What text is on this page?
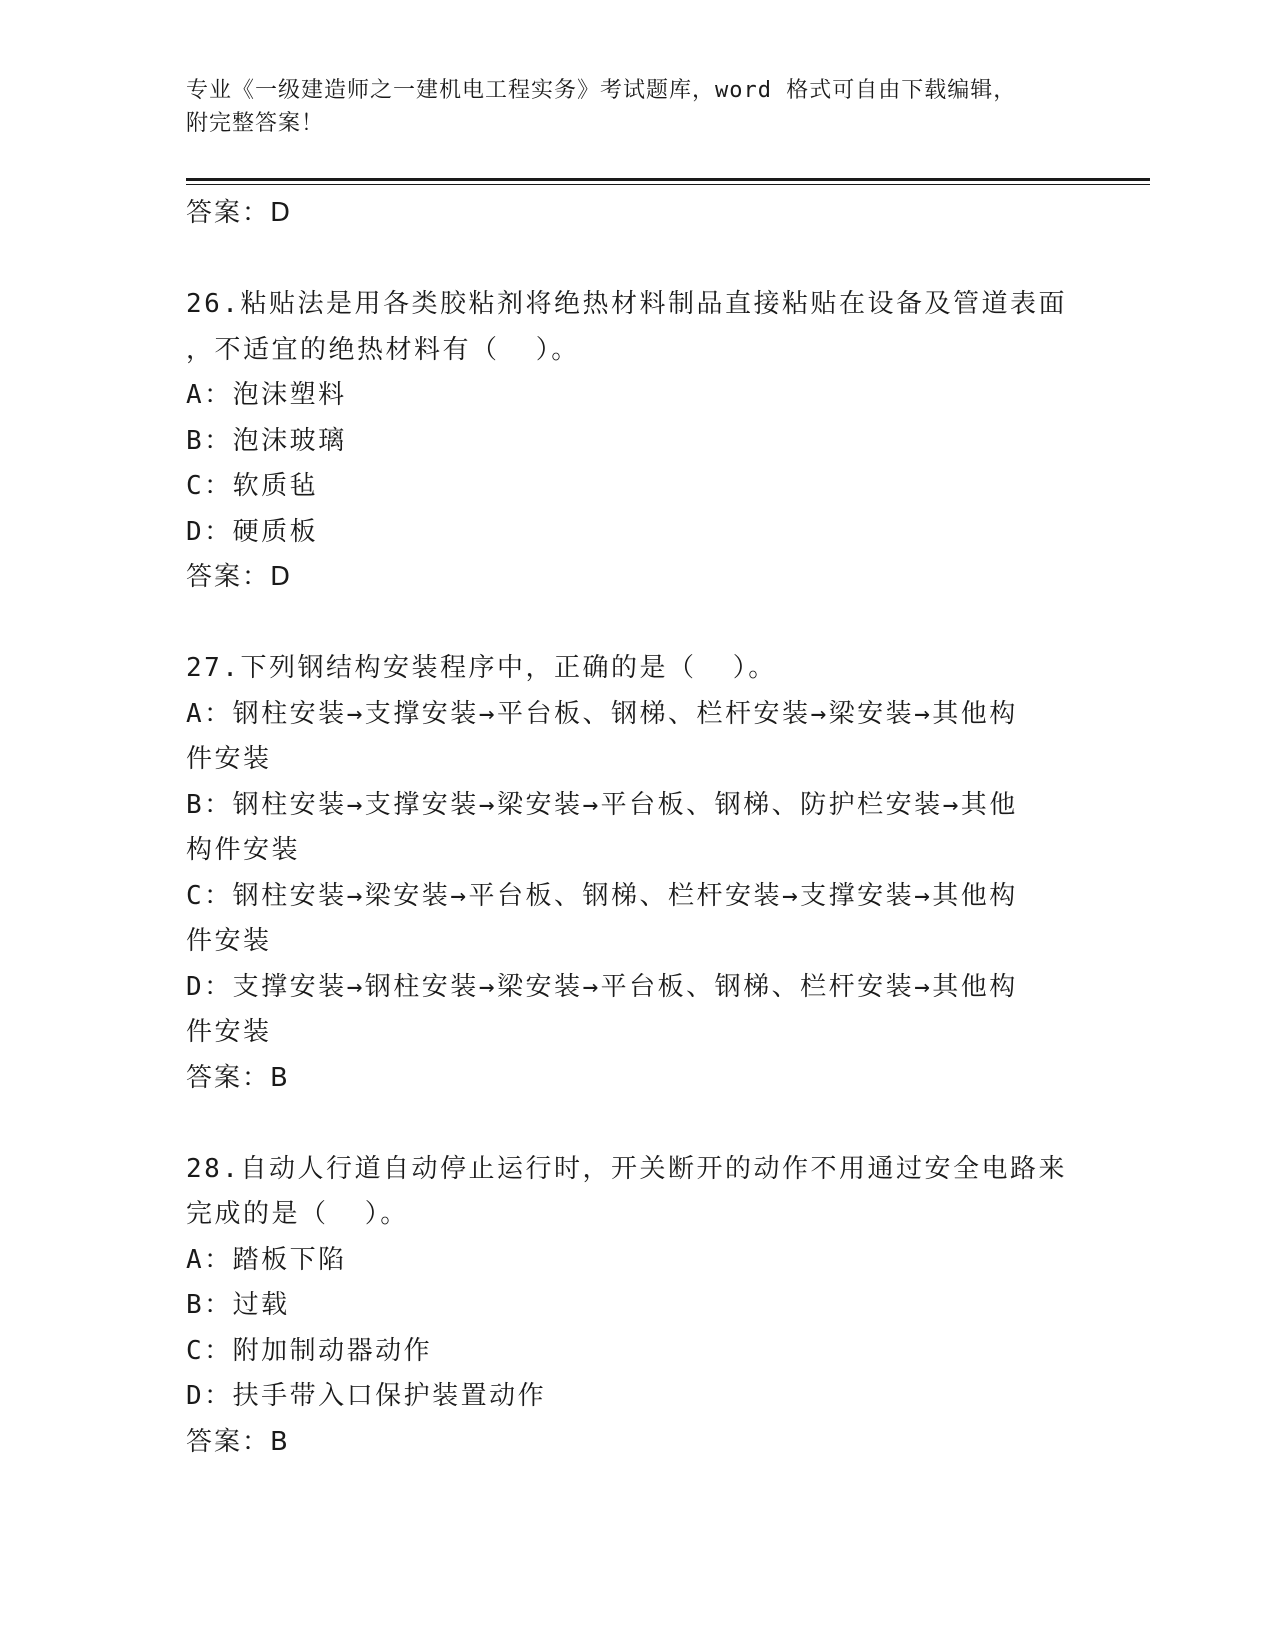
专业《一级建造师之一建机电工程实务》考试题库，word 格式可自由下载编辑，
附完整答案！
答案：D
26.粘贴法是用各类胶粘剂将绝热材料制品直接粘贴在设备及管道表面
，不适宜的绝热材料有（  ）。
A：泡沫塑料
B：泡沫玻璃
C：软质毡
D：硬质板
答案：D
27.下列钢结构安装程序中，正确的是（  ）。
A：钢柱安装→支撑安装→平台板、钢梯、栏杆安装→梁安装→其他构
件安装
B：钢柱安装→支撑安装→梁安装→平台板、钢梯、防护栏安装→其他
构件安装
C：钢柱安装→梁安装→平台板、钢梯、栏杆安装→支撑安装→其他构
件安装
D：支撑安装→钢柱安装→梁安装→平台板、钢梯、栏杆安装→其他构
件安装
答案：B
28.自动人行道自动停止运行时，开关断开的动作不用通过安全电路来
完成的是（  ）。
A：踏板下陷
B：过载
C：附加制动器动作
D：扶手带入口保护装置动作
答案：B
